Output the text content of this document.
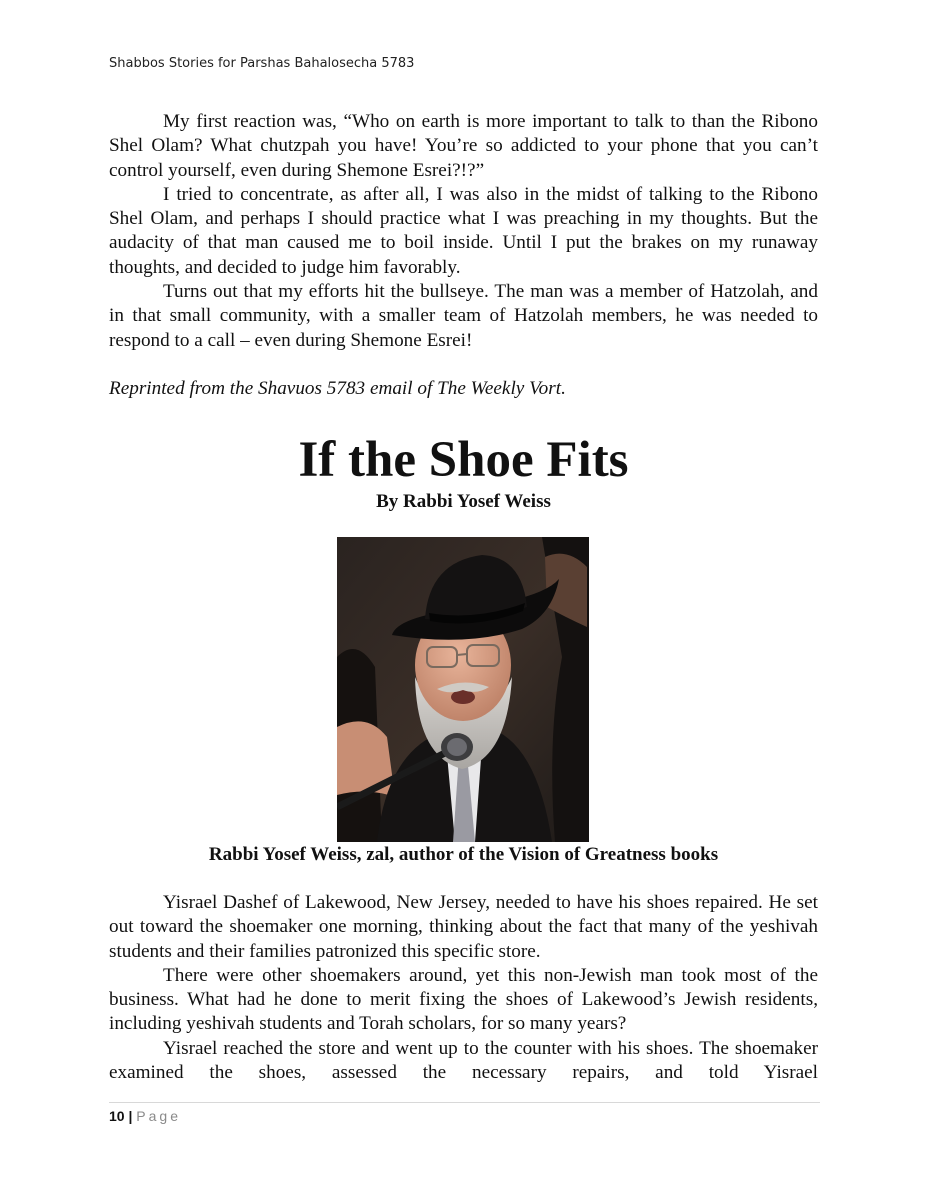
Shabbos Stories for Parshas Bahalosecha 5783

My first reaction was, “Who on earth is more important to talk to than the Ribono Shel Olam? What chutzpah you have! You’re so addicted to your phone that you can’t control yourself, even during Shemone Esrei?!?”

I tried to concentrate, as after all, I was also in the midst of talking to the Ribono Shel Olam, and perhaps I should practice what I was preaching in my thoughts. But the audacity of that man caused me to boil inside. Until I put the brakes on my runaway thoughts, and decided to judge him favorably.

Turns out that my efforts hit the bullseye. The man was a member of Hatzolah, and in that small community, with a smaller team of Hatzolah members, he was needed to respond to a call – even during Shemone Esrei!

Reprinted from the Shavuos 5783 email of The Weekly Vort.
If the Shoe Fits
By Rabbi Yosef Weiss
Rabbi Yosef Weiss, zal, author of the Vision of Greatness books

Yisrael Dashef of Lakewood, New Jersey, needed to have his shoes repaired. He set out toward the shoemaker one morning, thinking about the fact that many of the yeshivah students and their families patronized this specific store.

There were other shoemakers around, yet this non-Jewish man took most of the business. What had he done to merit fixing the shoes of Lakewood’s Jewish residents, including yeshivah students and Torah scholars, for so many years?

Yisrael reached the store and went up to the counter with his shoes. The shoemaker examined the shoes, assessed the necessary repairs, and told Yisrael

10 | Page
